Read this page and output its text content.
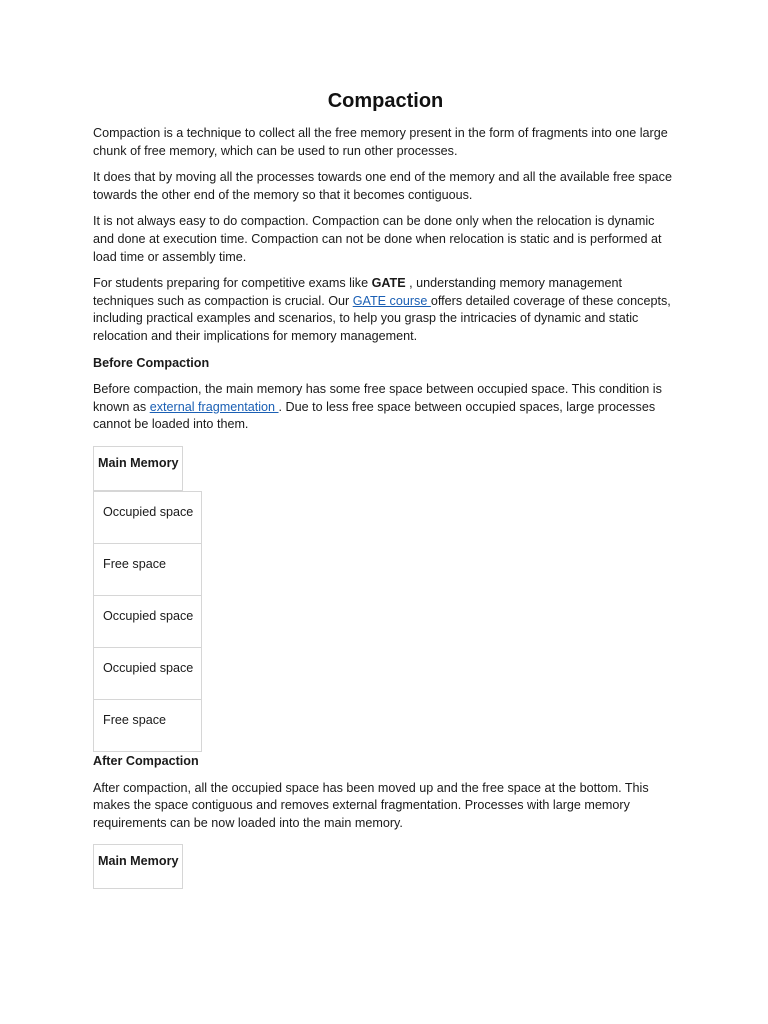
Compaction

Compaction is a technique to collect all the free memory present in the form of fragments into one large chunk of free memory, which can be used to run other processes.

It does that by moving all the processes towards one end of the memory and all the available free space towards the other end of the memory so that it becomes contiguous.

It is not always easy to do compaction. Compaction can be done only when the relocation is dynamic and done at execution time. Compaction can not be done when relocation is static and is performed at load time or assembly time.

For students preparing for competitive exams like GATE , understanding memory management techniques such as compaction is crucial. Our GATE course offers detailed coverage of these concepts, including practical examples and scenarios, to help you grasp the intricacies of dynamic and static relocation and their implications for memory management.

Before Compaction

Before compaction, the main memory has some free space between occupied space. This condition is known as external fragmentation . Due to less free space between occupied spaces, large processes cannot be loaded into them.

Main Memory
Occupied space
Free space
Occupied space
Occupied space
Free space

After Compaction

After compaction, all the occupied space has been moved up and the free space at the bottom. This makes the space contiguous and removes external fragmentation. Processes with large memory requirements can be now loaded into the main memory.

Main Memory
